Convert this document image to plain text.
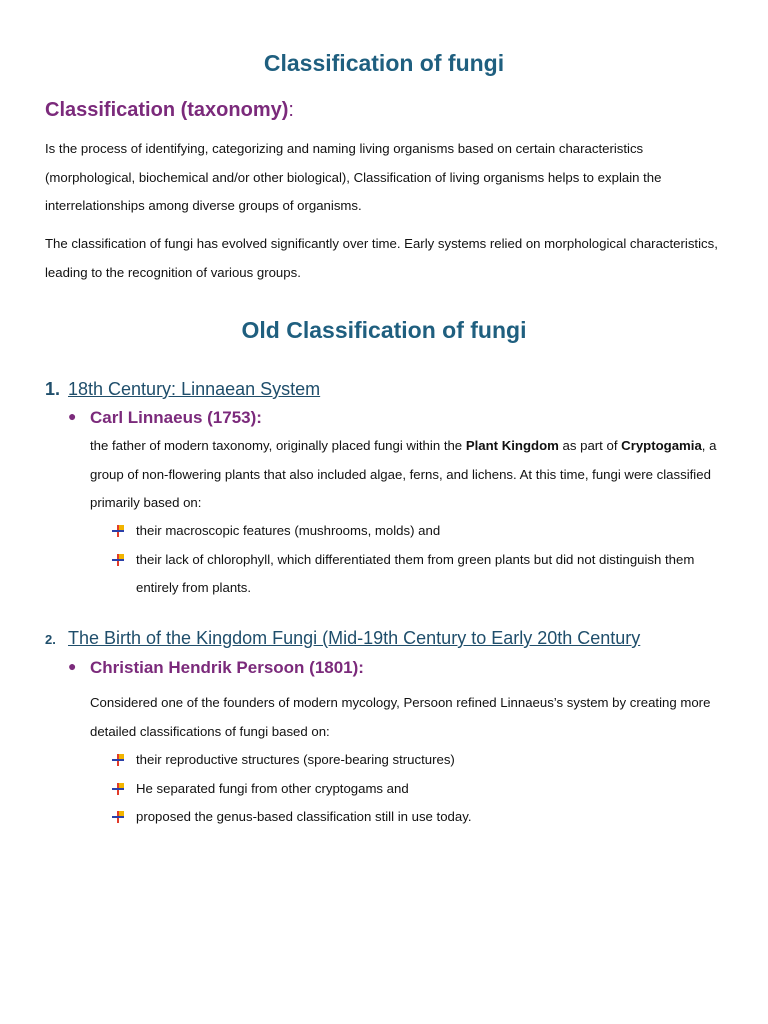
Classification of fungi
Classification (taxonomy):

Is the process of identifying, categorizing and naming living organisms based on certain characteristics (morphological, biochemical and/or other biological), Classification of living organisms helps to explain the interrelationships among diverse groups of organisms.

The classification of fungi has evolved significantly over time. Early systems relied on morphological characteristics, leading to the recognition of various groups.

Old Classification of fungi
1. 18th Century: Linnaean System
● Carl Linnaeus (1753):

the father of modern taxonomy, originally placed fungi within the Plant Kingdom as part of Cryptogamia, a group of non-flowering plants that also included algae, ferns, and lichens. At this time, fungi were classified primarily based on:

their macroscopic features (mushrooms, molds) and
their lack of chlorophyll, which differentiated them from green plants but did not distinguish them entirely from plants.
2. The Birth of the Kingdom Fungi (Mid-19th Century to Early 20th Century
● Christian Hendrik Persoon (1801):

Considered one of the founders of modern mycology, Persoon refined Linnaeus’s system by creating more detailed classifications of fungi based on:

their reproductive structures (spore-bearing structures)
He separated fungi from other cryptogams and
proposed the genus-based classification still in use today.
